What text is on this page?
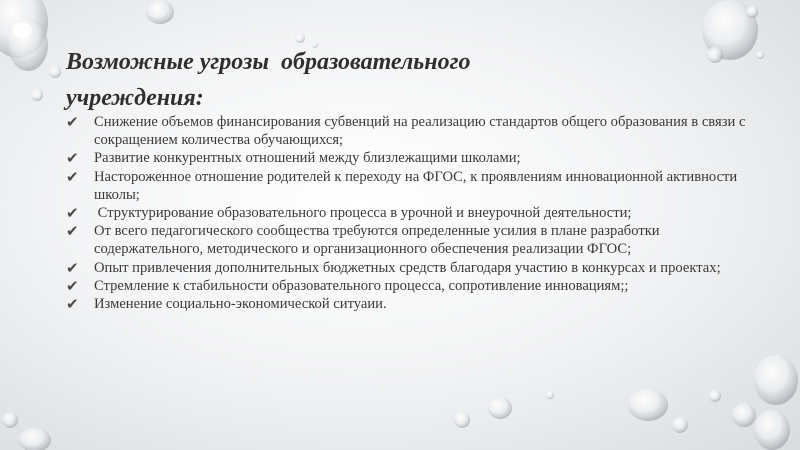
Возможные угрозы  образовательного
учреждения:
✔ Снижение объемов финансирования субвенций на реализацию стандартов общего образования в связи с сокращением количества обучающихся;
✔ Развитие конкурентных отношений между близлежащими школами;
✔ Настороженное отношение родителей к переходу на ФГОС, к проявлениям инновационной активности школы;
✔ Структурирование образовательного процесса в урочной и внеурочной деятельности;
✔ От всего педагогического сообщества требуются определенные усилия в плане разработки содержательного, методического и организационного обеспечения реализации ФГОС;
✔ Опыт привлечения дополнительных бюджетных средств благодаря участию в конкурсах и проектах;
✔ Стремление к стабильности образовательного процесса, сопротивление инновациям;;
✔ Изменение социально-экономической ситуаии.
